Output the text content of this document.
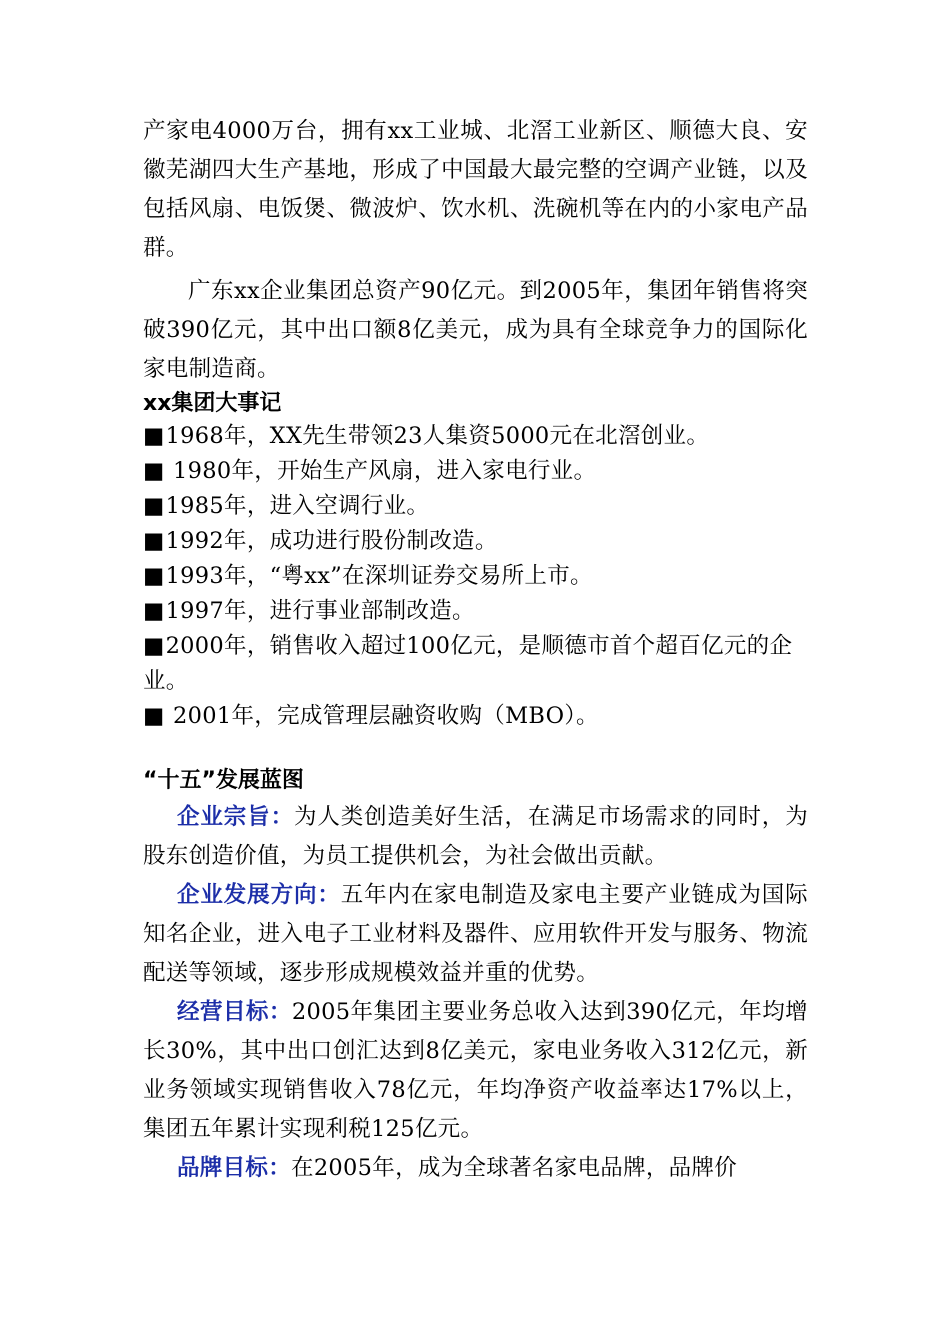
产家电4000万台，拥有xx工业城、北滘工业新区、顺德大良、安徽芜湖四大生产基地，形成了中国最大最完整的空调产业链，以及包括风扇、电饭煲、微波炉、饮水机、洗碗机等在内的小家电产品群。

广东xx企业集团总资产90亿元。到2005年，集团年销售将突破390亿元，其中出口额8亿美元，成为具有全球竞争力的国际化家电制造商。

xx集团大事记

■1968年，XX先生带领23人集资5000元在北滘创业。

■ 1980年，开始生产风扇，进入家电行业。

■1985年，进入空调行业。

■1992年，成功进行股份制改造。

■1993年，“粤xx”在深圳证券交易所上市。

■1997年，进行事业部制改造。

■2000年，销售收入超过100亿元，是顺德市首个超百亿元的企业。

■ 2001年，完成管理层融资收购（MBO）。

“十五”发展蓝图

企业宗旨：为人类创造美好生活，在满足市场需求的同时，为股东创造价值，为员工提供机会，为社会做出贡献。

企业发展方向：五年内在家电制造及家电主要产业链成为国际知名企业，进入电子工业材料及器件、应用软件开发与服务、物流配送等领域，逐步形成规模效益并重的优势。

经营目标：2005年集团主要业务总收入达到390亿元，年均增长30%，其中出口创汇达到8亿美元，家电业务收入312亿元，新业务领域实现销售收入78亿元，年均净资产收益率达17%以上，集团五年累计实现利税125亿元。

品牌目标：在2005年，成为全球著名家电品牌，品牌价
